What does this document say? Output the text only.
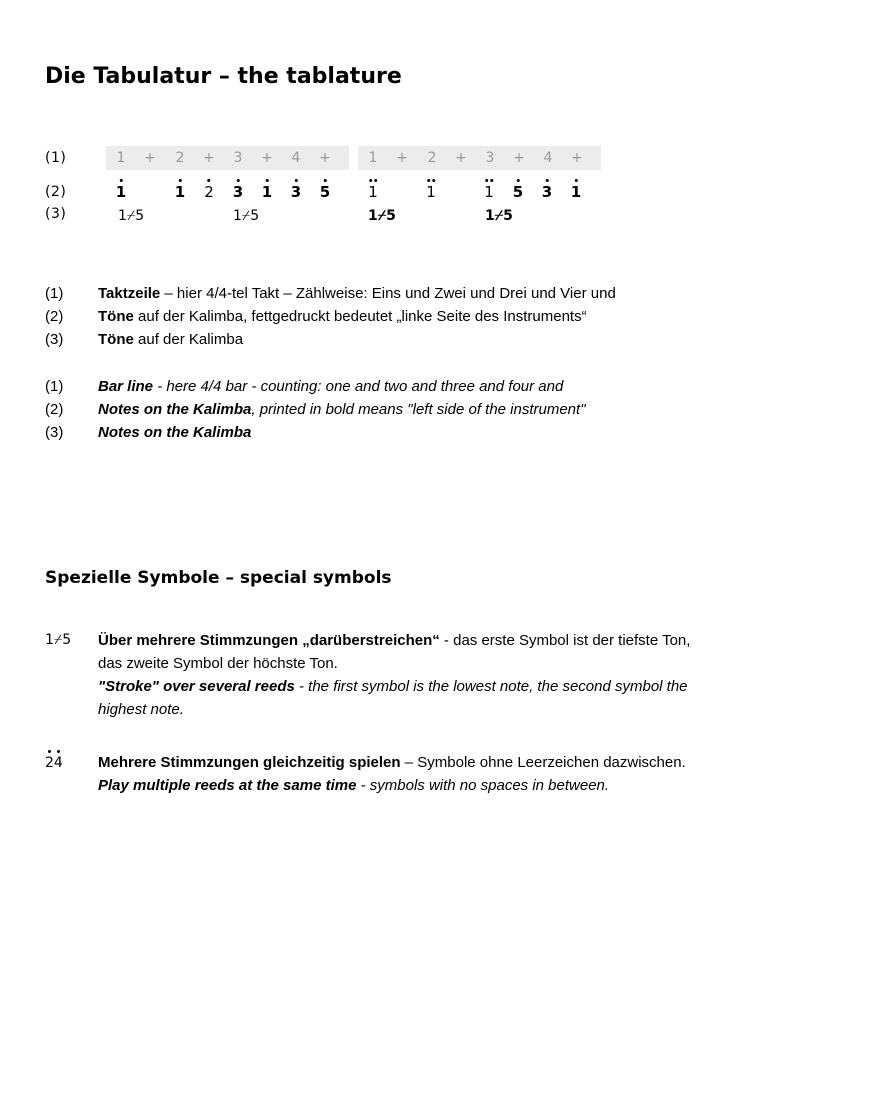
Die Tabulatur – the tablature
(1)
(2)
(3)
1 + 2 + 3 + 4 +	1 + 2 + 3 + 4 +
1	1 2 3 1 3 5	1	1	1 5 3 1
1⌿5	1⌿5	1⌿5	1⌿5
(1) Taktzeile – hier 4/4-tel Takt – Zählweise: Eins und Zwei und Drei und Vier und
(2) Töne auf der Kalimba, fettgedruckt bedeutet „linke Seite des Instruments“
(3) Töne auf der Kalimba
(1) Bar line - here 4/4 bar - counting: one and two and three and four and
(2) Notes on the Kalimba, printed in bold means "left side of the instrument"
(3) Notes on the Kalimba
Spezielle Symbole – special symbols
1⌿5 Über mehrere Stimmzungen „darüberstreichen“ - das erste Symbol ist der tiefste Ton,
das zweite Symbol der höchste Ton.
"Stroke" over several reeds - the first symbol is the lowest note, the second symbol the
highest note.
24 Mehrere Stimmzungen gleichzeitig spielen – Symbole ohne Leerzeichen dazwischen.
Play multiple reeds at the same time - symbols with no spaces in between.
